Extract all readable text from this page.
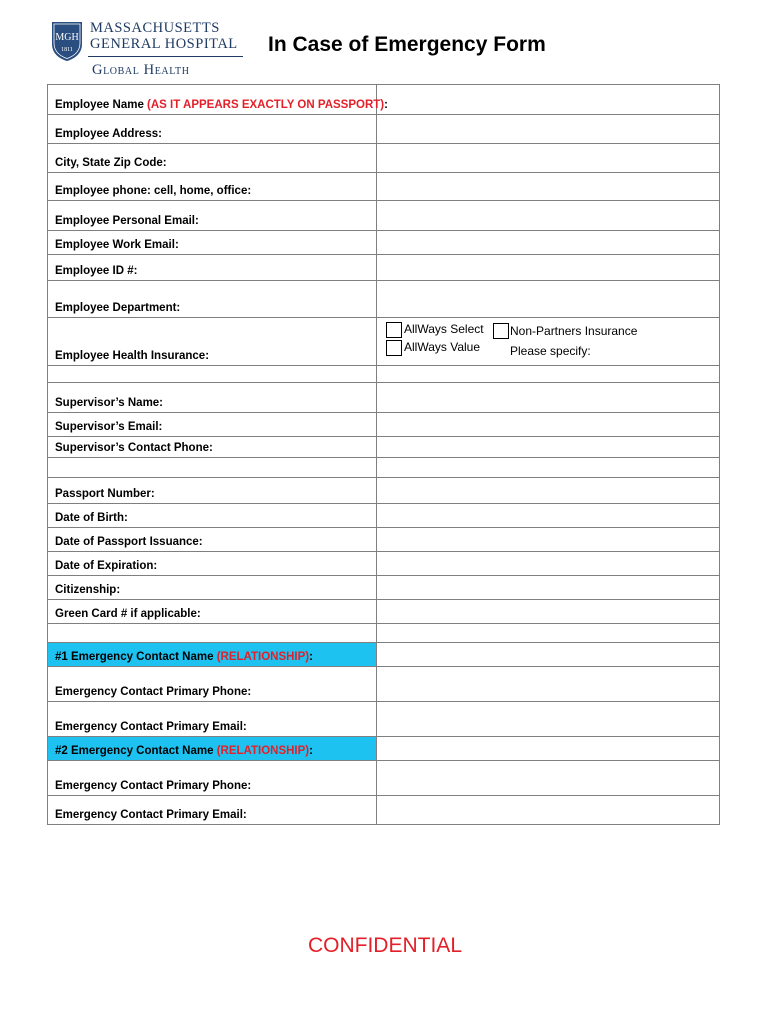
MGH
1811
MASSACHUSETTS
GENERAL HOSPITAL
Global Health
In Case of Emergency Form
Employee Name (AS IT APPEARS EXACTLY ON PASSPORT):	
Employee Address:	
City, State Zip Code:	
Employee phone: cell, home, office:	
Employee Personal Email:	
Employee Work Email:	
Employee ID #:	
Employee Department:	
Employee Health Insurance:	AllWays Select
AllWays Value
Non-Partners Insurance
Please specify:

Supervisor’s Name:	
Supervisor’s Email:	
Supervisor’s Contact Phone:	

Passport Number:	
Date of Birth:	
Date of Passport Issuance:	
Date of Expiration:	
Citizenship:	
Green Card # if applicable:	

#1 Emergency Contact Name (RELATIONSHIP):	
Emergency Contact Primary Phone:	
Emergency Contact Primary Email:	
#2 Emergency Contact Name (RELATIONSHIP):	
Emergency Contact Primary Phone:	
Emergency Contact Primary Email:	
CONFIDENTIAL
